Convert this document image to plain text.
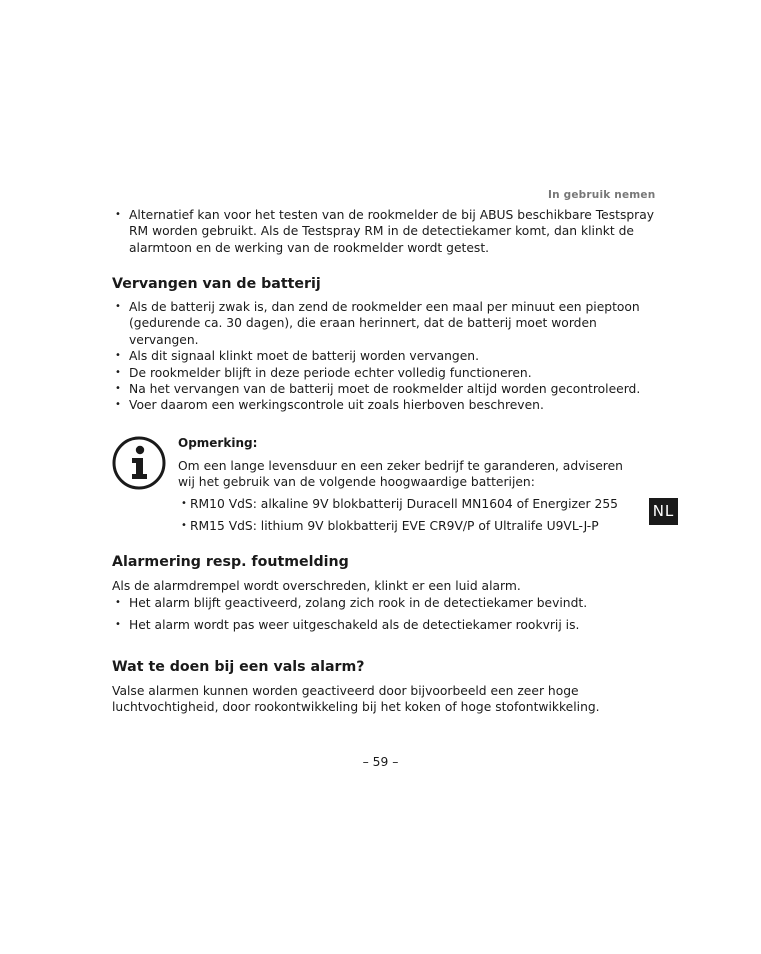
In gebruik nemen
• Alternatief kan voor het testen van de rookmelder de bij ABUS beschikbare Testspray RM worden gebruikt. Als de Testspray RM in de detectiekamer komt, dan klinkt de alarmtoon en de werking van de rookmelder wordt getest.
Vervangen van de batterij
• Als de batterij zwak is, dan zend de rookmelder een maal per minuut een pieptoon (gedurende ca. 30 dagen), die eraan herinnert, dat de batterij moet worden vervangen.
• Als dit signaal klinkt moet de batterij worden vervangen.
• De rookmelder blijft in deze periode echter volledig functioneren.
• Na het vervangen van de batterij moet de rookmelder altijd worden gecontroleerd.
• Voer daarom een werkingscontrole uit zoals hierboven beschreven.
Opmerking:
Om een lange levensduur en een zeker bedrijf te garanderen, adviseren wij het gebruik van de volgende hoogwaardige batterijen:
• RM10 VdS: alkaline 9V blokbatterij Duracell MN1604 of Energizer 255
• RM15 VdS: lithium 9V blokbatterij EVE CR9V/P of Ultralife U9VL-J-P
NL
Alarmering resp. foutmelding
Als de alarmdrempel wordt overschreden, klinkt er een luid alarm.
• Het alarm blijft geactiveerd, zolang zich rook in de detectiekamer bevindt.
• Het alarm wordt pas weer uitgeschakeld als de detectiekamer rookvrij is.
Wat te doen bij een vals alarm?
Valse alarmen kunnen worden geactiveerd door bijvoorbeeld een zeer hoge luchtvochtigheid, door rookontwikkeling bij het koken of hoge stofontwikkeling.
– 59 –
